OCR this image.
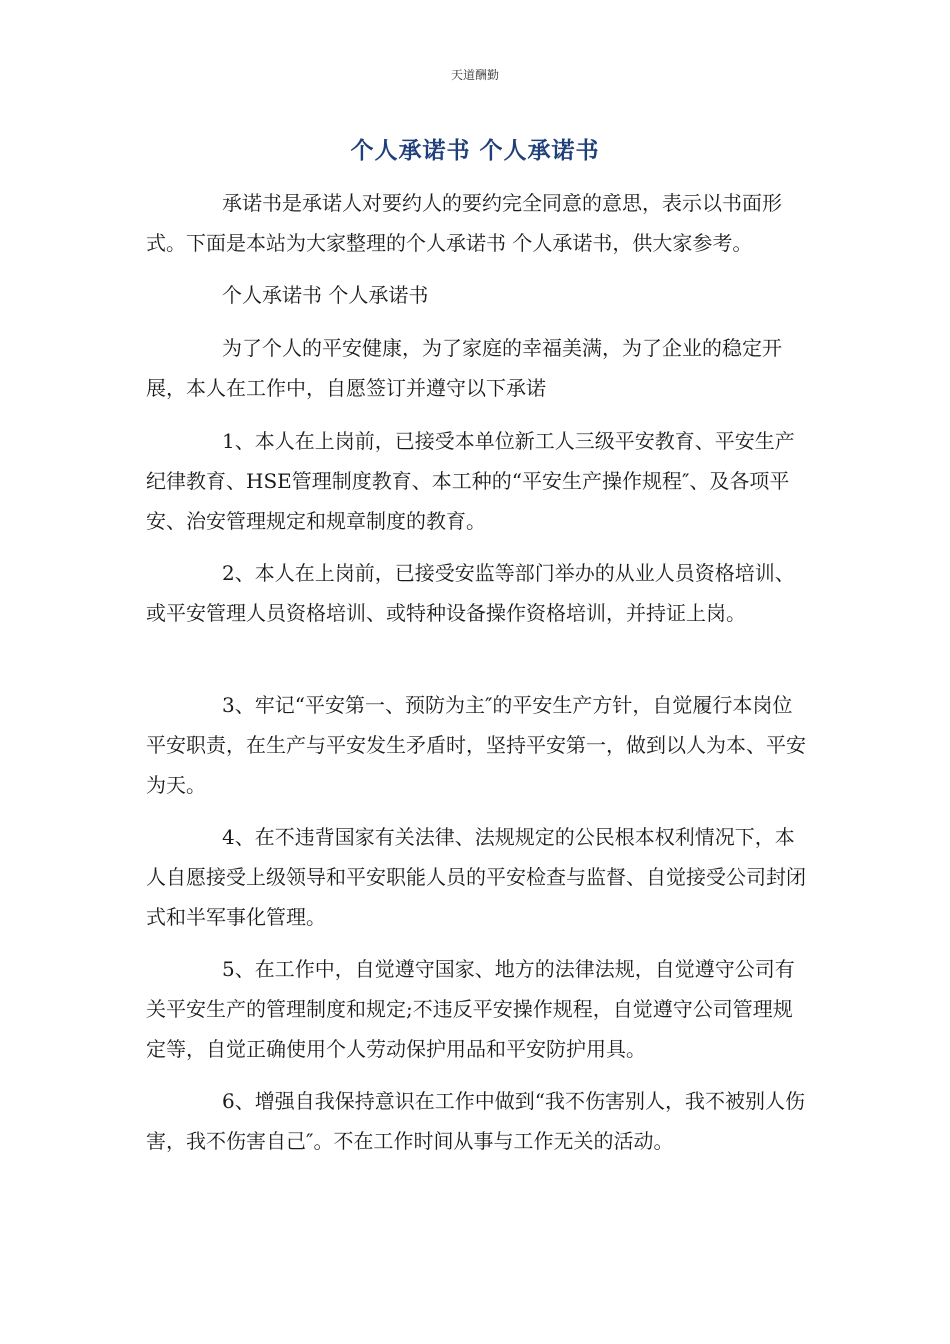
天道酬勤
个人承诺书 个人承诺书

承诺书是承诺人对要约人的要约完全同意的意思，表示以书面形式。下面是本站为大家整理的个人承诺书 个人承诺书，供大家参考。

个人承诺书 个人承诺书

为了个人的平安健康，为了家庭的幸福美满，为了企业的稳定开展，本人在工作中，自愿签订并遵守以下承诺

1、本人在上岗前，已接受本单位新工人三级平安教育、平安生产纪律教育、HSE管理制度教育、本工种的“平安生产操作规程″、及各项平安、治安管理规定和规章制度的教育。

2、本人在上岗前，已接受安监等部门举办的从业人员资格培训、或平安管理人员资格培训、或特种设备操作资格培训，并持证上岗。

3、牢记“平安第一、预防为主″的平安生产方针，自觉履行本岗位平安职责，在生产与平安发生矛盾时，坚持平安第一，做到以人为本、平安为天。

4、在不违背国家有关法律、法规规定的公民根本权利情况下，本人自愿接受上级领导和平安职能人员的平安检查与监督、自觉接受公司封闭式和半军事化管理。

5、在工作中，自觉遵守国家、地方的法律法规，自觉遵守公司有关平安生产的管理制度和规定;不违反平安操作规程，自觉遵守公司管理规定等，自觉正确使用个人劳动保护用品和平安防护用具。

6、增强自我保持意识在工作中做到“我不伤害别人，我不被别人伤害，我不伤害自己″。不在工作时间从事与工作无关的活动。
